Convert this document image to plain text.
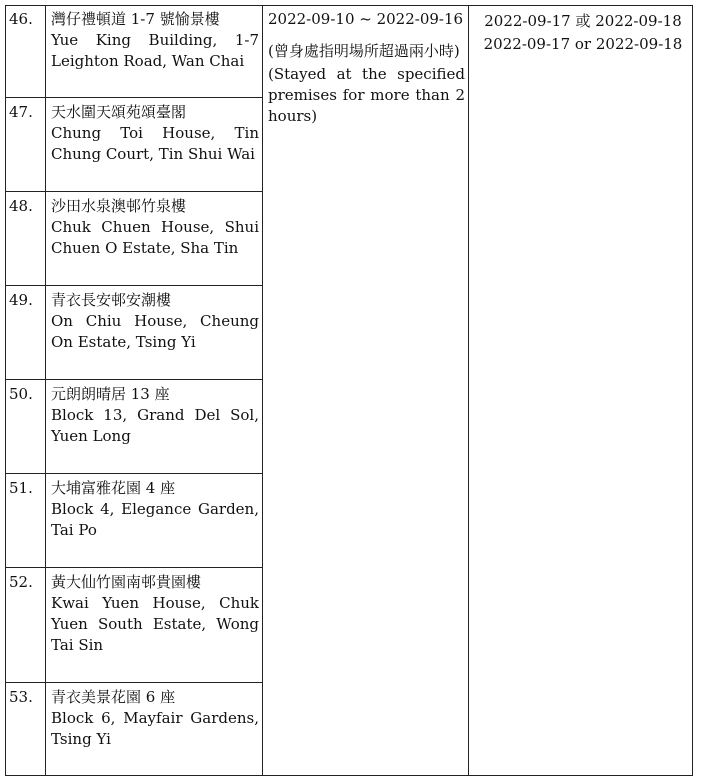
46. 灣仔禮頓道 1-7 號愉景樓
Yue King Building, 1-7 Leighton Road, Wan Chai
47. 天水圍天頌苑頌臺閣
Chung Toi House, Tin Chung Court, Tin Shui Wai
48. 沙田水泉澳邨竹泉樓
Chuk Chuen House, Shui Chuen O Estate, Sha Tin
49. 青衣長安邨安潮樓
On Chiu House, Cheung On Estate, Tsing Yi
50. 元朗朗晴居 13 座
Block 13, Grand Del Sol, Yuen Long
51. 大埔富雅花園 4 座
Block 4, Elegance Garden, Tai Po
52. 黃大仙竹園南邨貴園樓
Kwai Yuen House, Chuk Yuen South Estate, Wong Tai Sin
53. 青衣美景花園 6 座
Block 6, Mayfair Gardens, Tsing Yi
2022-09-10 ~ 2022-09-16
(曾身處指明場所超過兩小時)
(Stayed at the specified premises for more than 2 hours)
2022-09-17 或 2022-09-18
2022-09-17 or 2022-09-18
